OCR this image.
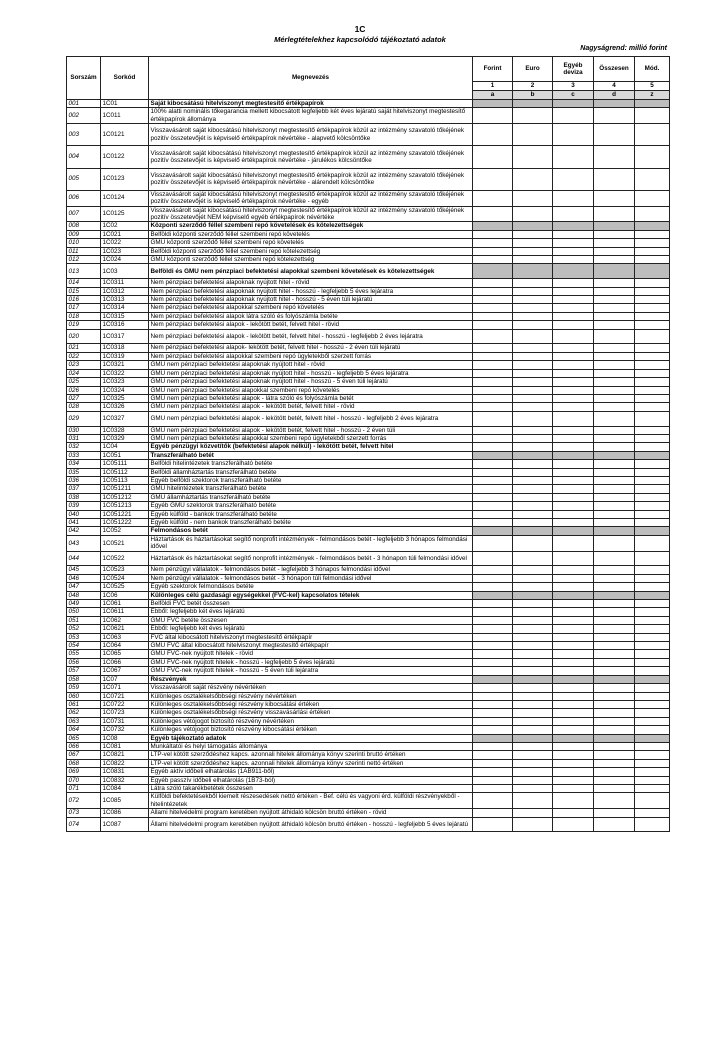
1C
Mérlegtételekhez kapcsolódó tájékoztató adatok
Nagyságrend: millió forint
Sorszám	Sorkód	Megnevezés	Forint	Euro	Egyéb deviza	Összesen	Mód.
			1	2	3	4	5
			a	b	c	d	z
001	1C01	Saját kibocsátású hitelviszonyt megtestesítő értékpapírok					
002	1C011	100% alatti nominális tőkegarancia mellett kibocsátott legfeljebb két éves lejáratú saját hitelviszonyt megtestesítő értékpapírok állománya					
003	1C0121	Visszavásárolt saját kibocsátású hitelviszonyt megtestesítő értékpapírok közül az intézmény szavatoló tőkéjének pozitív összetevőjét is képviselő értékpapírok névértéke - alapvető kölcsöntőke					
004	1C0122	Visszavásárolt saját kibocsátású hitelviszonyt megtestesítő értékpapírok közül az intézmény szavatoló tőkéjének pozitív összetevőjét is képviselő értékpapírok névértéke - járulékos kölcsöntőke					
005	1C0123	Visszavásárolt saját kibocsátású hitelviszonyt megtestesítő értékpapírok közül az intézmény szavatoló tőkéjének pozitív összetevőjét is képviselő értékpapírok névértéke - alárendelt kölcsöntőke					
006	1C0124	Visszavásárolt saját kibocsátású hitelviszonyt megtestesítő értékpapírok közül az intézmény szavatoló tőkéjének pozitív összetevőjét is képviselő értékpapírok névértéke - egyéb					
007	1C0125	Visszavásárolt saját kibocsátású hitelviszonyt megtestesítő értékpapírok közül az intézmény szavatoló tőkéjének pozitív összetevőjét NEM képviselő egyéb értékpapírok névértéke					
008	1C02	Központi szerződő féllel szembeni repó követelések és kötelezettségek					
009	1C021	Belföldi központi szerződő féllel szembeni repó követelés					
010	1C022	GMU központi szerződő féllel szembeni repó követelés					
011	1C023	Belföldi központi szerződő féllel szembeni repó kötelezettség					
012	1C024	GMU központi szerződő féllel szembeni repó kötelezettség					
013	1C03	Belföldi és GMU nem pénzpiaci befektetési alapokkal szembeni követelések és kötelezettségek					
014	1C0311	Nem pénzpiaci befektetési alapoknak nyújtott hitel - rövid					
015	1C0312	Nem pénzpiaci befektetési alapoknak nyújtott hitel - hosszú - legfeljebb 5 éves lejáratra					
016	1C0313	Nem pénzpiaci befektetési alapoknak nyújtott hitel - hosszú - 5 éven túli lejáratú					
017	1C0314	Nem pénzpiaci befektetési alapokkal szembeni repó követelés					
018	1C0315	Nem pénzpiaci befektetési alapok látra szóló és folyószámla betéte					
019	1C0316	Nem pénzpiaci befektetési alapok - lekötött betét, felvett hitel - rövid					
020	1C0317	Nem pénzpiaci befektetési alapok - lekötött betét, felvett hitel - hosszú - legfeljebb 2 éves lejáratra					
021	1C0318	Nem pénzpiaci befektetési alapok- lekötött betét, felvett hitel - hosszú - 2 éven túli lejáratú					
022	1C0319	Nem pénzpiaci befektetési alapokkal szembeni repó ügyletekből szerzett forrás					
023	1C0321	GMU nem pénzpiaci befektetési alapoknak nyújtott hitel - rövid					
024	1C0322	GMU nem pénzpiaci befektetési alapoknak nyújtott hitel - hosszú - legfeljebb 5 éves lejáratra					
025	1C0323	GMU nem pénzpiaci befektetési alapoknak nyújtott hitel - hosszú - 5 éven túli lejáratú					
026	1C0324	GMU nem pénzpiaci befektetési alapokkal szembeni repó követelés					
027	1C0325	GMU nem pénzpiaci befektetési alapok - látra szóló és folyószámla betét					
028	1C0326	GMU nem pénzpiaci befektetési alapok - lekötött betét, felvett hitel - rövid					
029	1C0327	GMU nem pénzpiaci befektetési alapok - lekötött betét, felvett hitel - hosszú - legfeljebb 2 éves lejáratra					
030	1C0328	GMU nem pénzpiaci befektetési alapok - lekötött betét, felvett hitel - hosszú - 2 éven túli					
031	1C0329	GMU nem pénzpiaci befektetési alapokkal szembeni repó ügyletekből szerzett forrás					
032	1C04	Egyéb pénzügyi közvetítők (befektetési alapok nélkül) - lekötött betét, felvett hitel					
033	1C051	Transzferálható betét					
034	1C05111	Belföldi hitelintézetek transzferálható betéte					
035	1C05112	Belföldi államháztartás transzferálható betéte					
036	1C05113	Egyéb belföldi szektorok transzferálható betéte					
037	1C051211	GMU hitelintézetek transzferálható betéte					
038	1C051212	GMU államháztartás transzferálható betéte					
039	1C051213	Egyéb GMU szektorok transzferálható betéte					
040	1C051221	Egyéb külföld - bankok transzferálható betéte					
041	1C051222	Egyéb külföld - nem bankok transzferálható betéte					
042	1C052	Felmondásos betét					
043	1C0521	Háztartások és háztartásokat segítő nonprofit intézmények - felmondásos betét - legfeljebb 3 hónapos felmondási idővel					
044	1C0522	Háztartások és háztartásokat segítő nonprofit intézmények - felmondásos betét - 3 hónapon túli felmondási idővel					
045	1C0523	Nem pénzügyi vállalatok - felmondásos betét - legfeljebb 3 hónapos felmondási idővel					
046	1C0524	Nem pénzügyi vállalatok - felmondásos betét - 3 hónapon túli felmondási idővel					
047	1C0525	Egyéb szektorok felmondásos betéte					
048	1C06	Különleges célú gazdasági egységekkel (FVC-kel) kapcsolatos tételek					
049	1C061	Belföldi FVC betét összesen					
050	1C0611	Ebből: legfeljebb két éves lejáratú					
051	1C062	GMU FVC betéte összesen					
052	1C0621	Ebből: legfeljebb két éves lejáratú					
053	1C063	FVC által kibocsátott hitelviszonyt megtestesítő értékpapír					
054	1C064	GMU FVC által kibocsátott hitelviszonyt megtestesítő értékpapír					
055	1C065	GMU FVC-nek nyújtott hitelek - rövid					
056	1C066	GMU FVC-nek nyújtott hitelek - hosszú - legfeljebb 5 éves lejáratú					
057	1C067	GMU FVC-nek nyújtott hitelek - hosszú - 5 éven túli lejáratra					
058	1C07	Részvények					
059	1C071	Visszavásárolt saját részvény névértéken					
060	1C0721	Különleges osztalékelsőbbségi részvény névértéken					
061	1C0722	Különleges osztalékelsőbbségi részvény kibocsátási értéken					
062	1C0723	Különleges osztalékelsőbbségi részvény visszavásárlási értéken					
063	1C0731	Különleges vétójogot biztosító részvény névértéken					
064	1C0732	Különleges vétójogot biztosító részvény kibocsátási értéken					
065	1C08	Egyéb tájékoztató adatok					
066	1C081	Munkáltatói és helyi támogatás állománya					
067	1C0821	LTP-vel kötött szerződéshez kapcs. azonnali hitelek állománya könyv szerinti bruttó értéken					
068	1C0822	LTP-vel kötött szerződéshez kapcs. azonnali hitelek állománya könyv szerinti nettó értéken					
069	1C0831	Egyéb aktív időbeli elhatárolás (1AB911-ből)					
070	1C0832	Egyéb passzív időbeli elhatárolás (1B73-ból)					
071	1C084	Látra szóló takarékbetétek összesen					
072	1C085	Külföldi befektetésekből kiemelt részesedések nettó értéken - Bef. célú és vagyoni érd. külföldi részvényekből - hitelintézetek					
073	1C086	Állami hitelvédelmi program keretében nyújtott áthidaló kölcsön bruttó értéken - rövid					
074	1C087	Állami hitelvédelmi program keretében nyújtott áthidaló kölcsön bruttó értéken - hosszú - legfeljebb 5 éves lejáratú					
